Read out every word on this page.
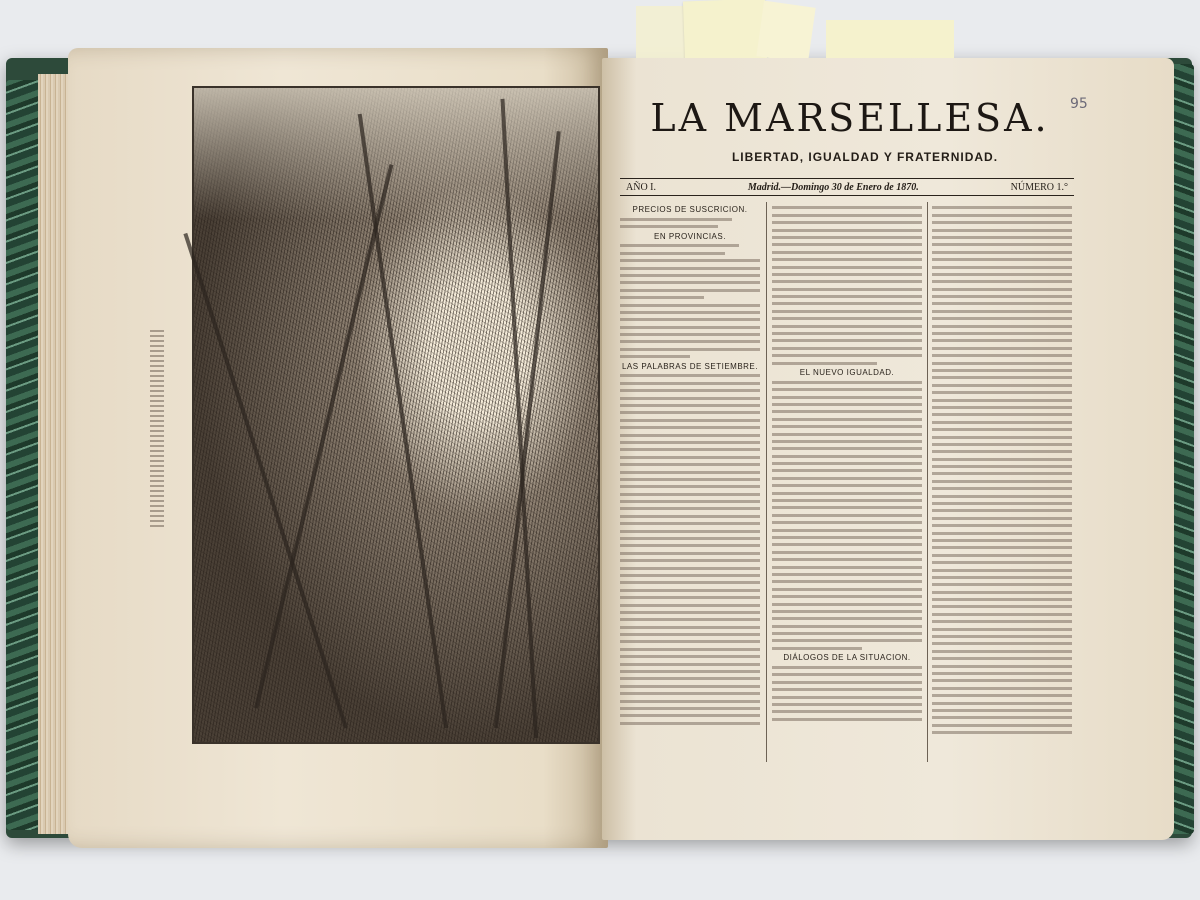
LA MARSELLESA.
LIBERTAD, IGUALDAD Y FRATERNIDAD.
95
AÑO I.	Madrid.—Domingo 30 de Enero de 1870.	NÚMERO 1.°
PRECIOS DE SUSCRICION.
EN PROVINCIAS.
LAS PALABRAS DE SETIEMBRE.
EL NUEVO IGUALDAD.
DIÁLOGOS DE LA SITUACION.
